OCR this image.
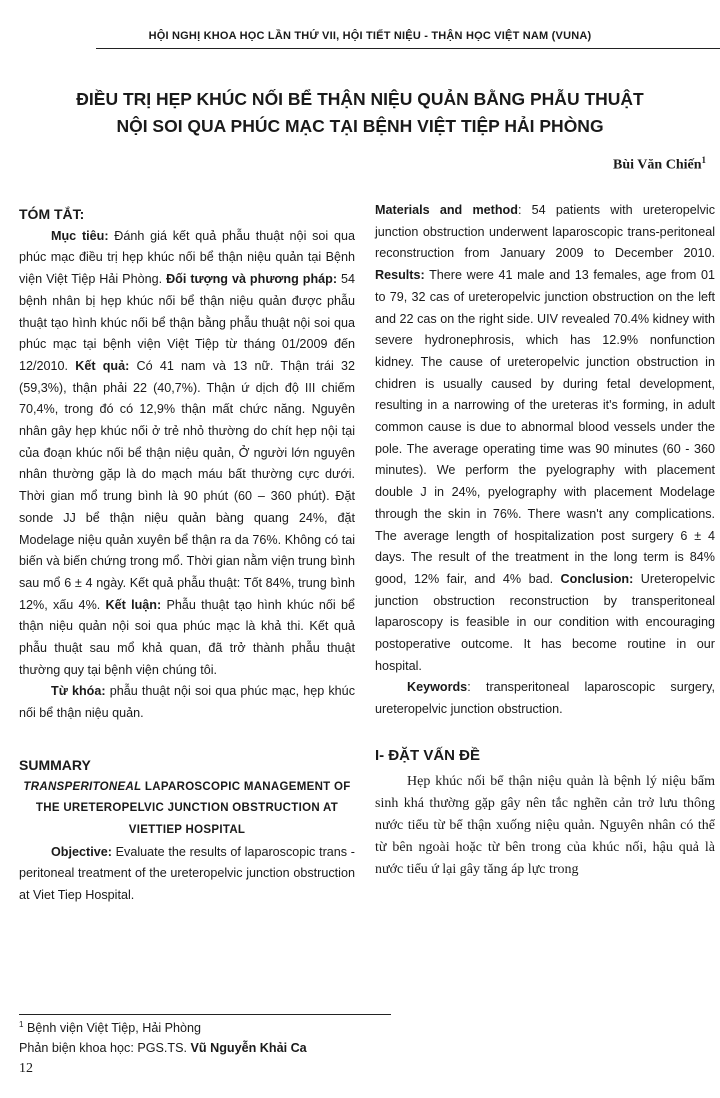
HỘI NGHỊ KHOA HỌC LẦN THỨ VII, HỘI TIẾT NIỆU - THẬN HỌC VIỆT NAM (VUNA)
ĐIỀU TRỊ HẸP KHÚC NỐI BỂ THẬN NIỆU QUẢN BẰNG PHẪU THUẬT
NỘI SOI QUA PHÚC MẠC TẠI BỆNH VIỆT TIỆP HẢI PHÒNG
Bùi Văn Chiến$^1$

TÓM TẮT:

Mục tiêu: Đánh giá kết quả phẫu thuật nội soi qua phúc mạc điều trị hẹp khúc nối bể thận niệu quản tại Bệnh viện Việt Tiệp Hải Phòng. Đối tượng và phương pháp: 54 bệnh nhân bị hẹp khúc nối bể thận niệu quản được phẫu thuật tạo hình khúc nối bể thận bằng phẫu thuật nội soi qua phúc mạc tại bệnh viện Việt Tiệp từ tháng 01/2009 đến 12/2010. Kết quả: Có 41 nam và 13 nữ. Thận trái 32 (59,3%), thận phải 22 (40,7%). Thận ứ dịch độ III chiếm 70,4%, trong đó có 12,9% thận mất chức năng. Nguyên nhân gây hẹp khúc nối ở trẻ nhỏ thường do chít hẹp nội tại của đoạn khúc nối bể thận niệu quản, Ở người lớn nguyên nhân thường gặp là do mạch máu bất thường cực dưới. Thời gian mổ trung bình là 90 phút (60 – 360 phút). Đặt sonde JJ bể thận niệu quản bàng quang 24%, đặt Modelage niệu quản xuyên bể thận ra da 76%. Không có tai biến và biến chứng trong mổ. Thời gian nằm viện trung bình sau mổ 6 ± 4 ngày. Kết quả phẫu thuật: Tốt 84%, trung bình 12%, xấu 4%. Kết luận: Phẫu thuật tạo hình khúc nối bể thận niệu quản nội soi qua phúc mạc là khả thi. Kết quả phẫu thuật sau mổ khả quan, đã trở thành phẫu thuật thường quy tại bệnh viện chúng tôi.

Từ khóa: phẫu thuật nội soi qua phúc mạc, hẹp khúc nối bể thận niệu quản.

SUMMARY

TRANSPERITONEAL LAPAROSCOPIC MANAGEMENT OF THE URETEROPELVIC JUNCTION OBSTRUCTION AT VIETTIEP HOSPITAL

Objective: Evaluate the results of laparoscopic trans - peritoneal treatment of the ureteropelvic junction obstruction at Viet Tiep Hospital.

Materials and method: 54 patients with ureteropelvic junction obstruction underwent laparoscopic trans-peritoneal reconstruction from January 2009 to December 2010. Results: There were 41 male and 13 females, age from 01 to 79, 32 cas of ureteropelvic junction obstruction on the left and 22 cas on the right side. UIV revealed 70.4% kidney with severe hydronephrosis, which has 12.9% nonfunction kidney. The cause of ureteropelvic junction obstruction in chidren is usually caused by during fetal development, resulting in a narrowing of the ureteras it's forming, in adult common cause is due to abnormal blood vessels under the pole. The average operating time was 90 minutes (60 - 360 minutes). We perform the pyelography with placement double J in 24%, pyelography with placement Modelage through the skin in 76%. There wasn't any complications. The average length of hospitalization post surgery 6 ± 4 days. The result of the treatment in the long term is 84% good, 12% fair, and 4% bad. Conclusion: Ureteropelvic junction obstruction reconstruction by transperitoneal laparoscopy is feasible in our condition with encouraging postoperative outcome. It has become routine in our hospital.

Keywords: transperitoneal laparoscopic surgery, ureteropelvic junction obstruction.

I- ĐẶT VẤN ĐỀ

Hẹp khúc nối bể thận niệu quản là bệnh lý niệu bẩm sinh khá thường gặp gây nên tắc nghẽn cản trở lưu thông nước tiểu từ bể thận xuống niệu quản. Nguyên nhân có thể từ bên ngoài hoặc từ bên trong của khúc nối, hậu quả là nước tiểu ứ lại gây tăng áp lực trong

$^1$ Bệnh viện Việt Tiệp, Hải Phòng
Phản biện khoa học: PGS.TS. Vũ Nguyễn Khải Ca
12
